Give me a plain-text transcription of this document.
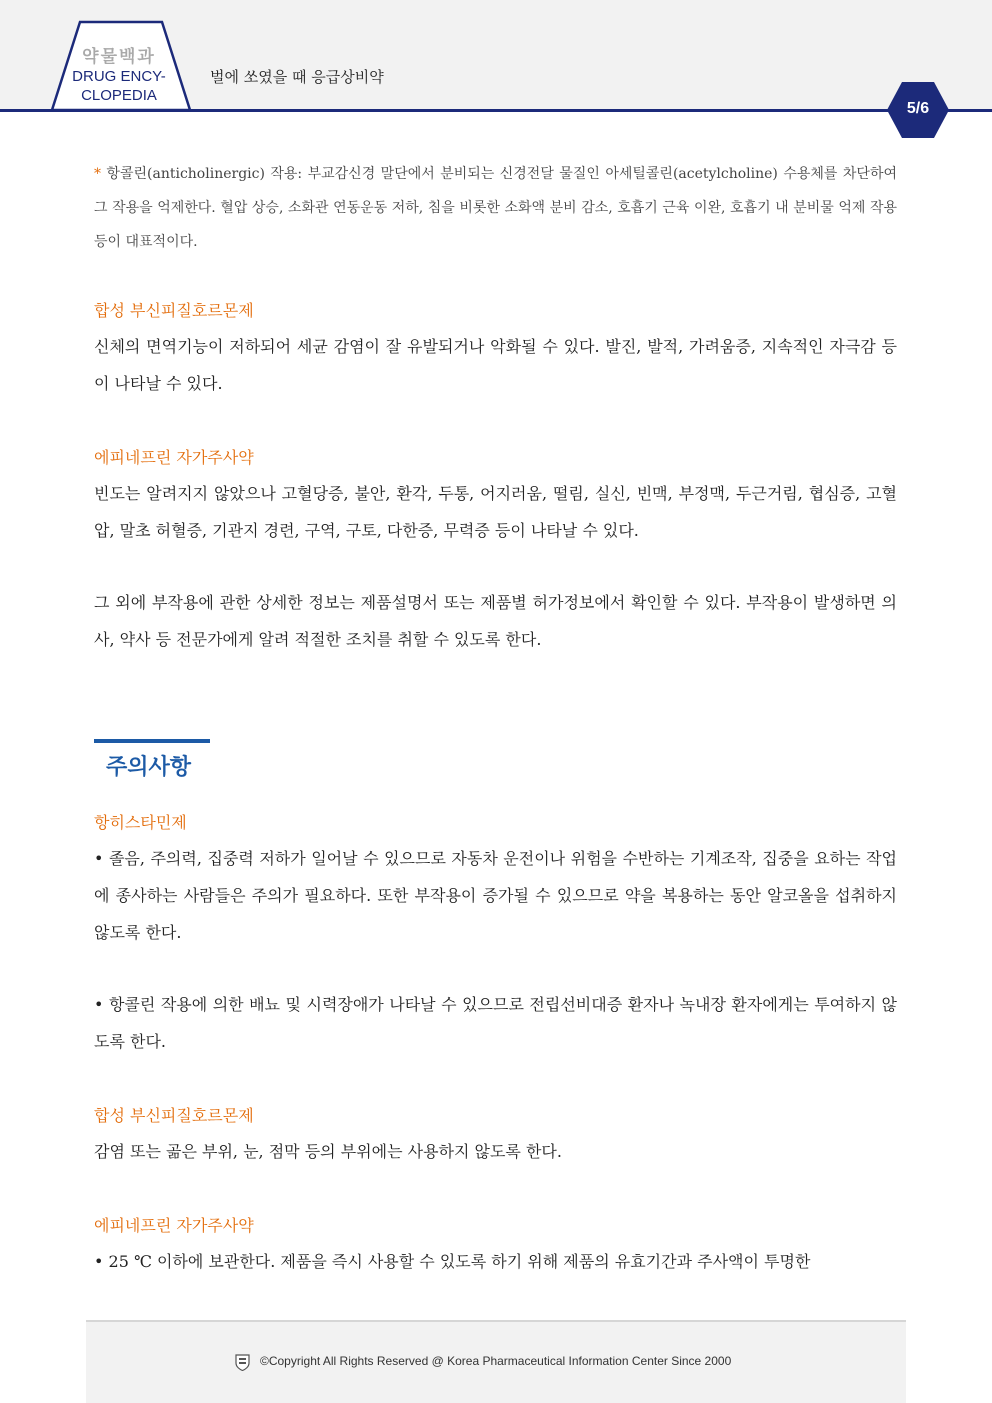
약물백과
DRUG ENCY-
CLOPEDIA
벌에 쏘였을 때 응급상비약
5/6
* 항콜린(anticholinergic) 작용: 부교감신경 말단에서 분비되는 신경전달 물질인 아세틸콜린(acetylcholine) 수용체를 차단하여 그 작용을 억제한다. 혈압 상승, 소화관 연동운동 저하, 침을 비롯한 소화액 분비 감소, 호흡기 근육 이완, 호흡기 내 분비물 억제 작용 등이 대표적이다.
합성 부신피질호르몬제
신체의 면역기능이 저하되어 세균 감염이 잘 유발되거나 악화될 수 있다. 발진, 발적, 가려움증, 지속적인 자극감 등이 나타날 수 있다.
에피네프린 자가주사약
빈도는 알려지지 않았으나 고혈당증, 불안, 환각, 두통, 어지러움, 떨림, 실신, 빈맥, 부정맥, 두근거림, 협심증, 고혈압, 말초 허혈증, 기관지 경련, 구역, 구토, 다한증, 무력증 등이 나타날 수 있다.
그 외에 부작용에 관한 상세한 정보는 제품설명서 또는 제품별 허가정보에서 확인할 수 있다. 부작용이 발생하면 의사, 약사 등 전문가에게 알려 적절한 조치를 취할 수 있도록 한다.
주의사항
항히스타민제
• 졸음, 주의력, 집중력 저하가 일어날 수 있으므로 자동차 운전이나 위험을 수반하는 기계조작, 집중을 요하는 작업에 종사하는 사람들은 주의가 필요하다. 또한 부작용이 증가될 수 있으므로 약을 복용하는 동안 알코올을 섭취하지 않도록 한다.
• 항콜린 작용에 의한 배뇨 및 시력장애가 나타날 수 있으므로 전립선비대증 환자나 녹내장 환자에게는 투여하지 않도록 한다.
합성 부신피질호르몬제
감염 또는 곪은 부위, 눈, 점막 등의 부위에는 사용하지 않도록 한다.
에피네프린 자가주사약
• 25 ℃ 이하에 보관한다. 제품을 즉시 사용할 수 있도록 하기 위해 제품의 유효기간과 주사액이 투명한
©Copyright All Rights Reserved @ Korea Pharmaceutical Information Center Since 2000
